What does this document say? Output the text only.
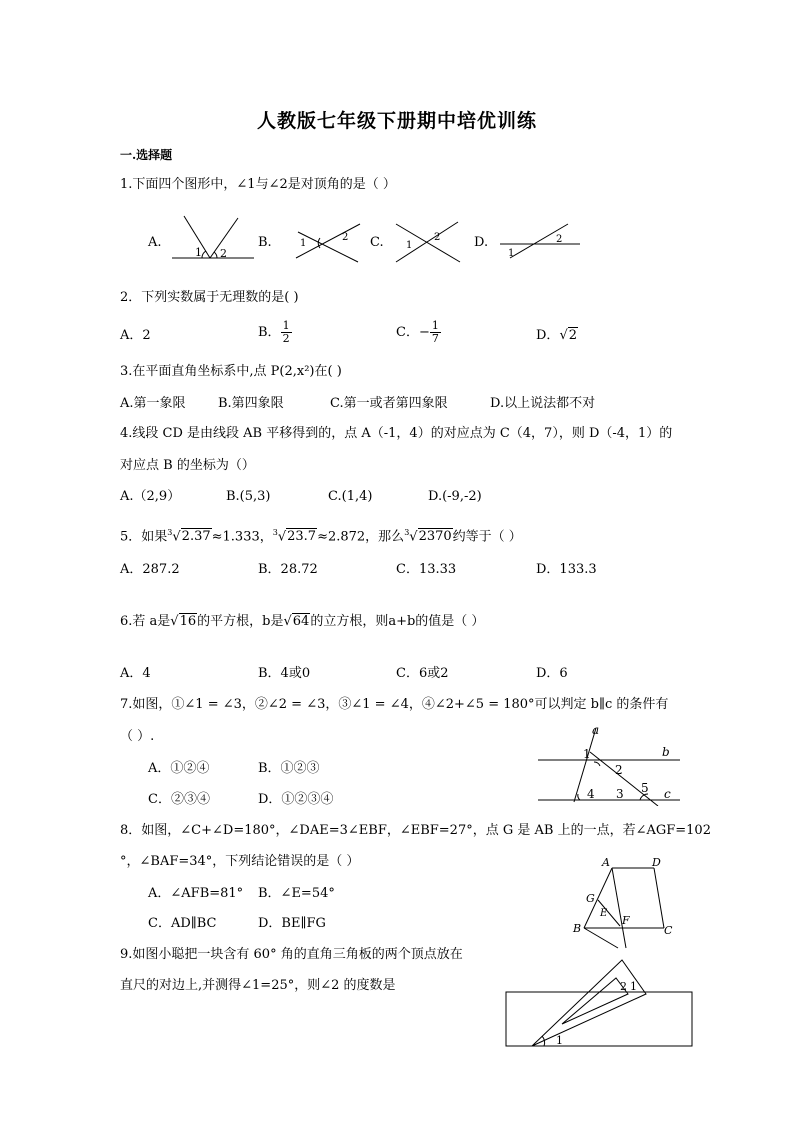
人教版七年级下册期中培优训练
一.选择题
1.下面四个图形中，∠1与∠2是对顶角的是（ ）
A.	B.	C.	D.
1 2
1
2
1
2
1
2
2．下列实数属于无理数的是( )
A．2	B． $\frac{1}{2}$	C．− $\frac{1}{7}$	D．√2
3.在平面直角坐标系中,点 P(2,x²)在( )
A.第一象限 B.第四象限	C.第一或者第四象限	D.以上说法都不对
4.线段 CD 是由线段 AB 平移得到的，点 A（-1，4）的对应点为 C（4，7），则 D（-4，1）的
对应点 B 的坐标为（）
A.（2,9）	B.(5,3)	C.(1,4)	D.(-9,-2)
5．如果$^3$√2.37≈1.333，$^3$√23.7≈2.872，那么$^3$√2370约等于（ ）
A．287.2	B．28.72	C．13.33	D．133.3
6.若 a是√16的平方根，b是√64的立方根，则a+b的值是（ ）
A．4	B．4或0	C．6或2	D．6
7.如图，①∠1 = ∠3，②∠2 = ∠3，③∠1 = ∠4，④∠2+∠5 = 180°可以判定 b∥c 的条件有
（ ）.
A．①②④	B．①②③
C．②③④	D．①②③④
a
b
c
1
2
3
4	5
8．如图，∠C+∠D=180°，∠DAE=3∠EBF，∠EBF=27°，点 G 是 AB 上的一点，若∠AGF=102
°，∠BAF=34°，下列结论错误的是（ ）
A．∠AFB=81° B．∠E=54°
C．AD∥BC	D．BE∥FG
A	D
G
E
F
B	C
9.如图小聪把一块含有 60° 角的直角三角板的两个顶点放在
直尺的对边上,并测得∠1=25°，则∠2 的度数是	2 1
1
